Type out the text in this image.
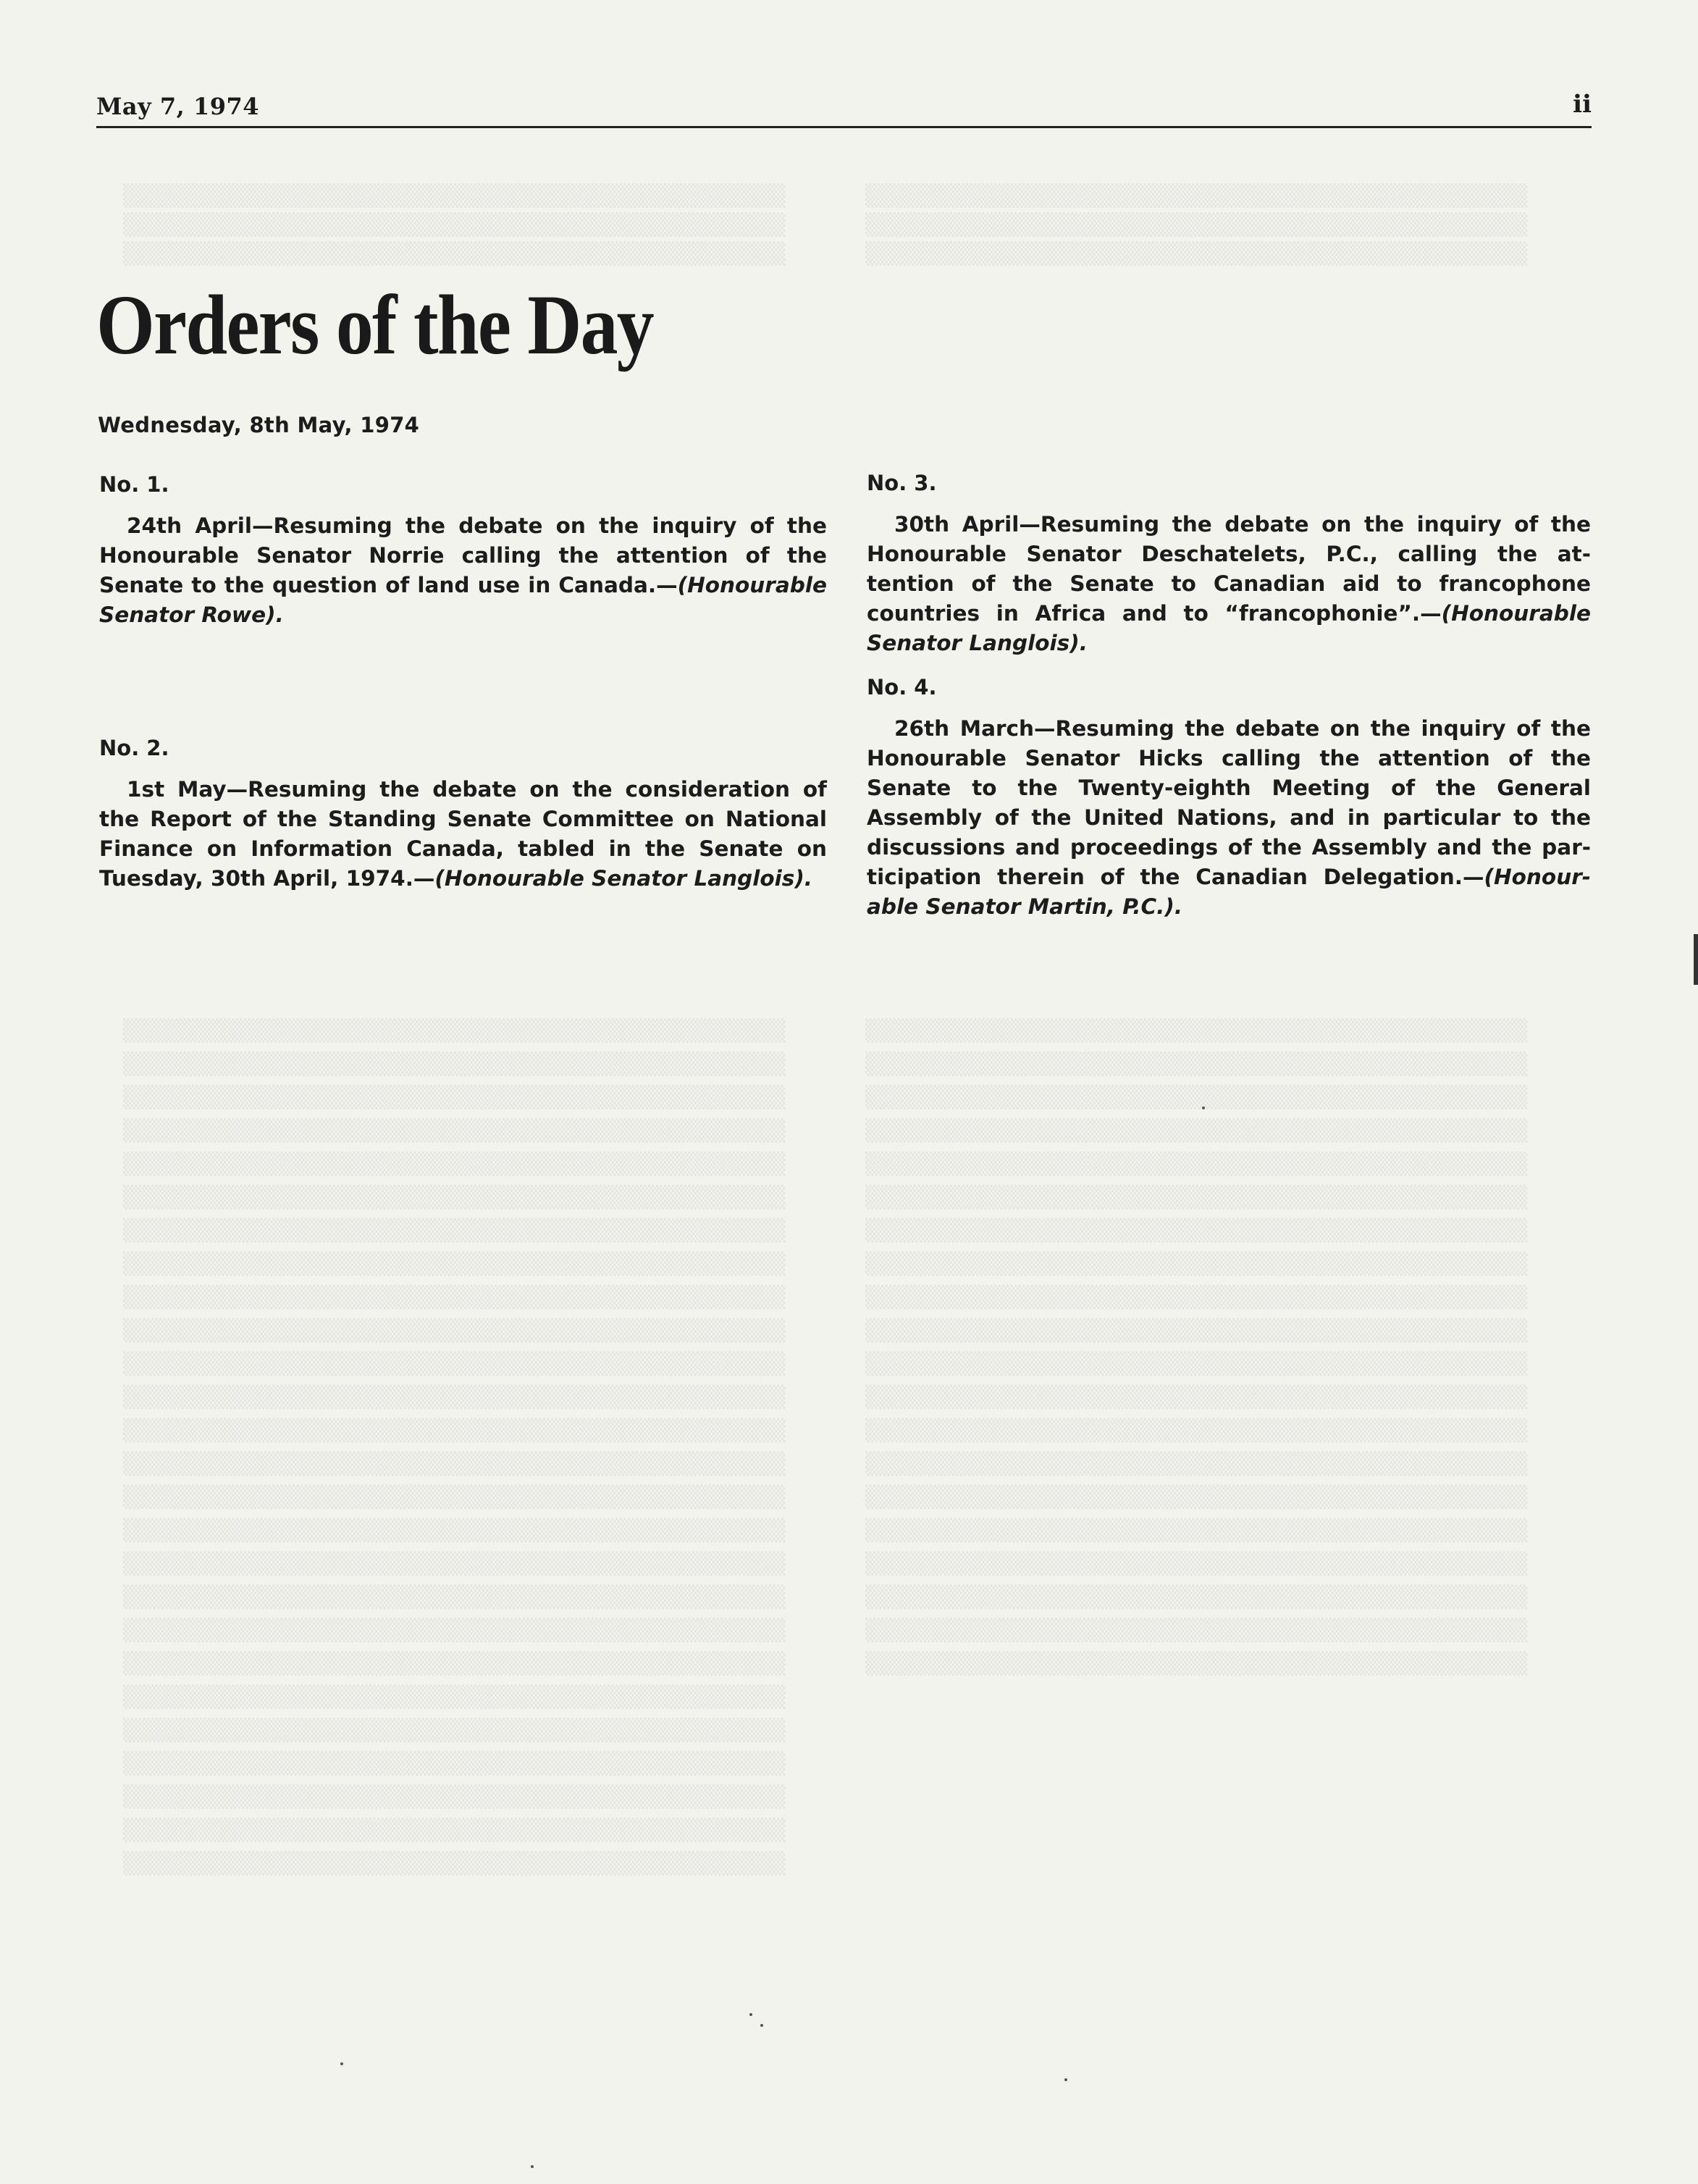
▒▒▒▒▒▒▒▒▒▒▒▒▒▒▒▒▒▒▒▒▒▒▒▒▒▒▒▒▒▒▒▒▒▒▒▒▒▒▒▒▒
▒▒▒▒▒▒▒▒▒▒▒▒▒▒▒▒▒▒▒▒▒▒▒▒▒▒▒▒▒▒▒▒▒▒▒▒▒▒▒▒▒
▒▒▒▒▒▒▒▒▒▒▒▒▒▒▒▒▒▒▒▒▒▒▒▒▒▒▒▒▒▒▒▒▒▒▒▒▒▒▒▒▒
▒▒▒▒▒▒▒▒▒▒▒▒▒▒▒▒▒▒▒▒▒▒▒▒▒▒▒▒▒▒▒▒▒▒▒▒▒▒▒▒▒
▒▒▒▒▒▒▒▒▒▒▒▒▒▒▒▒▒▒▒▒▒▒▒▒▒▒▒▒▒▒▒▒▒▒▒▒▒▒▒▒▒
▒▒▒▒▒▒▒▒▒▒▒▒▒▒▒▒▒▒▒▒▒▒▒▒▒▒▒▒▒▒▒▒▒▒▒▒▒▒▒▒▒
▒▒▒▒▒▒▒▒▒▒▒▒▒▒▒▒▒▒▒▒▒▒▒▒▒▒▒▒▒▒▒▒▒▒▒▒▒▒▒▒▒
▒▒▒▒▒▒▒▒▒▒▒▒▒▒▒▒▒▒▒▒▒▒▒▒▒▒▒▒▒▒▒▒▒▒▒▒▒▒▒▒▒
▒▒▒▒▒▒▒▒▒▒▒▒▒▒▒▒▒▒▒▒▒▒▒▒▒▒▒▒▒▒▒▒▒▒▒▒▒▒▒▒▒
▒▒▒▒▒▒▒▒▒▒▒▒▒▒▒▒▒▒▒▒▒▒▒▒▒▒▒▒▒▒▒▒▒▒▒▒▒▒▒▒▒
▒▒▒▒▒▒▒▒▒▒▒▒▒▒▒▒▒▒▒▒▒▒▒▒▒▒▒▒▒▒▒▒▒▒▒▒▒▒▒▒▒
▒▒▒▒▒▒▒▒▒▒▒▒▒▒▒▒▒▒▒▒▒▒▒▒▒▒▒▒▒▒▒▒▒▒▒▒▒▒▒▒▒
▒▒▒▒▒▒▒▒▒▒▒▒▒▒▒▒▒▒▒▒▒▒▒▒▒▒▒▒▒▒▒▒▒▒▒▒▒▒▒▒▒
▒▒▒▒▒▒▒▒▒▒▒▒▒▒▒▒▒▒▒▒▒▒▒▒▒▒▒▒▒▒▒▒▒▒▒▒▒▒▒▒▒
▒▒▒▒▒▒▒▒▒▒▒▒▒▒▒▒▒▒▒▒▒▒▒▒▒▒▒▒▒▒▒▒▒▒▒▒▒▒▒▒▒
▒▒▒▒▒▒▒▒▒▒▒▒▒▒▒▒▒▒▒▒▒▒▒▒▒▒▒▒▒▒▒▒▒▒▒▒▒▒▒▒▒
▒▒▒▒▒▒▒▒▒▒▒▒▒▒▒▒▒▒▒▒▒▒▒▒▒▒▒▒▒▒▒▒▒▒▒▒▒▒▒▒▒
▒▒▒▒▒▒▒▒▒▒▒▒▒▒▒▒▒▒▒▒▒▒▒▒▒▒▒▒▒▒▒▒▒▒▒▒▒▒▒▒▒
▒▒▒▒▒▒▒▒▒▒▒▒▒▒▒▒▒▒▒▒▒▒▒▒▒▒▒▒▒▒▒▒▒▒▒▒▒▒▒▒▒
▒▒▒▒▒▒▒▒▒▒▒▒▒▒▒▒▒▒▒▒▒▒▒▒▒▒▒▒▒▒▒▒▒▒▒▒▒▒▒▒▒
▒▒▒▒▒▒▒▒▒▒▒▒▒▒▒▒▒▒▒▒▒▒▒▒▒▒▒▒▒▒▒▒▒▒▒▒▒▒▒▒▒
▒▒▒▒▒▒▒▒▒▒▒▒▒▒▒▒▒▒▒▒▒▒▒▒▒▒▒▒▒▒▒▒▒▒▒▒▒▒▒▒▒
▒▒▒▒▒▒▒▒▒▒▒▒▒▒▒▒▒▒▒▒▒▒▒▒▒▒▒▒▒▒▒▒▒▒▒▒▒▒▒▒▒
▒▒▒▒▒▒▒▒▒▒▒▒▒▒▒▒▒▒▒▒▒▒▒▒▒▒▒▒▒▒▒▒▒▒▒▒▒▒▒▒▒
▒▒▒▒▒▒▒▒▒▒▒▒▒▒▒▒▒▒▒▒▒▒▒▒▒▒▒▒▒▒▒▒▒▒▒▒▒▒▒▒▒
▒▒▒▒▒▒▒▒▒▒▒▒▒▒▒▒▒▒▒▒▒▒▒▒▒▒▒▒▒▒▒▒▒▒▒▒▒▒▒▒▒
▒▒▒▒▒▒▒▒▒▒▒▒▒▒▒▒▒▒▒▒▒▒▒▒▒▒▒▒▒▒▒▒▒▒▒▒▒▒▒▒▒
▒▒▒▒▒▒▒▒▒▒▒▒▒▒▒▒▒▒▒▒▒▒▒▒▒▒▒▒▒▒▒▒▒▒▒▒▒▒▒▒▒
▒▒▒▒▒▒▒▒▒▒▒▒▒▒▒▒▒▒▒▒▒▒▒▒▒▒▒▒▒▒▒▒▒▒▒▒▒▒▒▒▒
▒▒▒▒▒▒▒▒▒▒▒▒▒▒▒▒▒▒▒▒▒▒▒▒▒▒▒▒▒▒▒▒▒▒▒▒▒▒▒▒▒
▒▒▒▒▒▒▒▒▒▒▒▒▒▒▒▒▒▒▒▒▒▒▒▒▒▒▒▒▒▒▒▒▒▒▒▒▒▒▒▒▒
▒▒▒▒▒▒▒▒▒▒▒▒▒▒▒▒▒▒▒▒▒▒▒▒▒▒▒▒▒▒▒▒▒▒▒▒▒▒▒▒▒
▒▒▒▒▒▒▒▒▒▒▒▒▒▒▒▒▒▒▒▒▒▒▒▒▒▒▒▒▒▒▒▒▒▒▒▒▒▒▒▒▒
▒▒▒▒▒▒▒▒▒▒▒▒▒▒▒▒▒▒▒▒▒▒▒▒▒▒▒▒▒▒▒▒▒▒▒▒▒▒▒▒▒
▒▒▒▒▒▒▒▒▒▒▒▒▒▒▒▒▒▒▒▒▒▒▒▒▒▒▒▒▒▒▒▒▒▒▒▒▒▒▒▒▒
▒▒▒▒▒▒▒▒▒▒▒▒▒▒▒▒▒▒▒▒▒▒▒▒▒▒▒▒▒▒▒▒▒▒▒▒▒▒▒▒▒
▒▒▒▒▒▒▒▒▒▒▒▒▒▒▒▒▒▒▒▒▒▒▒▒▒▒▒▒▒▒▒▒▒▒▒▒▒▒▒▒▒
▒▒▒▒▒▒▒▒▒▒▒▒▒▒▒▒▒▒▒▒▒▒▒▒▒▒▒▒▒▒▒▒▒▒▒▒▒▒▒▒▒
▒▒▒▒▒▒▒▒▒▒▒▒▒▒▒▒▒▒▒▒▒▒▒▒▒▒▒▒▒▒▒▒▒▒▒▒▒▒▒▒▒
▒▒▒▒▒▒▒▒▒▒▒▒▒▒▒▒▒▒▒▒▒▒▒▒▒▒▒▒▒▒▒▒▒▒▒▒▒▒▒▒▒
▒▒▒▒▒▒▒▒▒▒▒▒▒▒▒▒▒▒▒▒▒▒▒▒▒▒▒▒▒▒▒▒▒▒▒▒▒▒▒▒▒
▒▒▒▒▒▒▒▒▒▒▒▒▒▒▒▒▒▒▒▒▒▒▒▒▒▒▒▒▒▒▒▒▒▒▒▒▒▒▒▒▒
▒▒▒▒▒▒▒▒▒▒▒▒▒▒▒▒▒▒▒▒▒▒▒▒▒▒▒▒▒▒▒▒▒▒▒▒▒▒▒▒▒
▒▒▒▒▒▒▒▒▒▒▒▒▒▒▒▒▒▒▒▒▒▒▒▒▒▒▒▒▒▒▒▒▒▒▒▒▒▒▒▒▒
▒▒▒▒▒▒▒▒▒▒▒▒▒▒▒▒▒▒▒▒▒▒▒▒▒▒▒▒▒▒▒▒▒▒▒▒▒▒▒▒▒
▒▒▒▒▒▒▒▒▒▒▒▒▒▒▒▒▒▒▒▒▒▒▒▒▒▒▒▒▒▒▒▒▒▒▒▒▒▒▒▒▒
▒▒▒▒▒▒▒▒▒▒▒▒▒▒▒▒▒▒▒▒▒▒▒▒▒▒▒▒▒▒▒▒▒▒▒▒▒▒▒▒▒
▒▒▒▒▒▒▒▒▒▒▒▒▒▒▒▒▒▒▒▒▒▒▒▒▒▒▒▒▒▒▒▒▒▒▒▒▒▒▒▒▒
▒▒▒▒▒▒▒▒▒▒▒▒▒▒▒▒▒▒▒▒▒▒▒▒▒▒▒▒▒▒▒▒▒▒▒▒▒▒▒▒▒
▒▒▒▒▒▒▒▒▒▒▒▒▒▒▒▒▒▒▒▒▒▒▒▒▒▒▒▒▒▒▒▒▒▒▒▒▒▒▒▒▒
▒▒▒▒▒▒▒▒▒▒▒▒▒▒▒▒▒▒▒▒▒▒▒▒▒▒▒▒▒▒▒▒▒▒▒▒▒▒▒▒▒
▒▒▒▒▒▒▒▒▒▒▒▒▒▒▒▒▒▒▒▒▒▒▒▒▒▒▒▒▒▒▒▒▒▒▒▒▒▒▒▒▒
May 7, 1974	ii
Orders of the Day
Wednesday, 8th May, 1974
No. 1.
24th April—Resuming the debate on the inquiry of the Honourable Senator Norrie calling the attention of the Senate to the question of land use in Canada.—(Honourable Senator Rowe).
No. 2.
1st May—Resuming the debate on the consideration of the Report of the Standing Senate Committee on National Finance on Information Canada, tabled in the Senate on Tuesday, 30th April, 1974.—(Honourable Senator Langlois).
No. 3.
30th April—Resuming the debate on the inquiry of the Honourable Senator Deschatelets, P.C., calling the attention of the Senate to Canadian aid to francophone countries in Africa and to “francophonie”.—(Honourable Senator Langlois).
No. 4.
26th March—Resuming the debate on the inquiry of the Honourable Senator Hicks calling the attention of the Senate to the Twenty-eighth Meeting of the General Assembly of the United Nations, and in particular to the discussions and proceedings of the Assembly and the participation therein of the Canadian Delegation.—(Honourable Senator Martin, P.C.).
